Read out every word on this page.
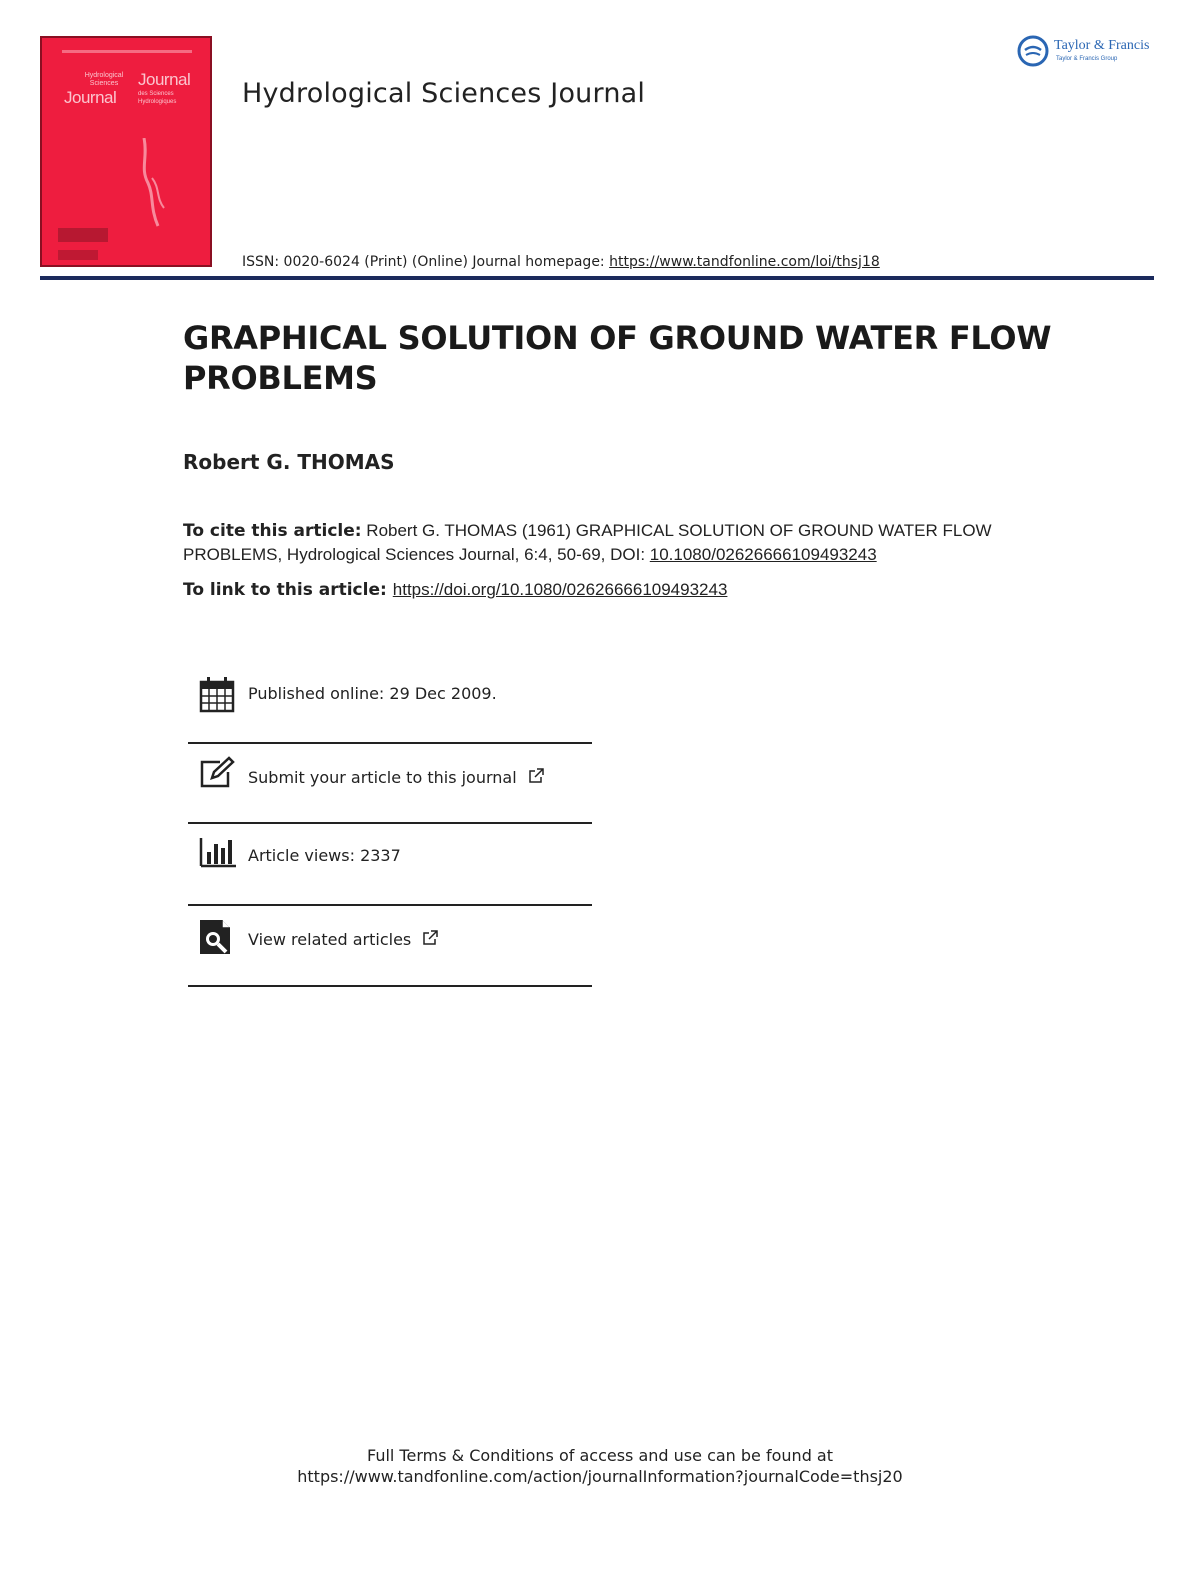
Hydrological Sciences
Journal
Journal
des Sciences Hydrologiques	Hydrological Sciences Journal
ISSN: 0020-6024 (Print) (Online) Journal homepage: https://www.tandfonline.com/loi/thsj18
Taylor & Francis
Taylor & Francis Group
GRAPHICAL SOLUTION OF GROUND WATER FLOW PROBLEMS
Robert G. THOMAS
To cite this article: Robert G. THOMAS (1961) GRAPHICAL SOLUTION OF GROUND WATER FLOW PROBLEMS, Hydrological Sciences Journal, 6:4, 50-69, DOI: 10.1080/02626666109493243
To link to this article: https://doi.org/10.1080/02626666109493243
Published online: 29 Dec 2009.
Submit your article to this journal
Article views: 2337
View related articles
Full Terms & Conditions of access and use can be found at
https://www.tandfonline.com/action/journalInformation?journalCode=thsj20
